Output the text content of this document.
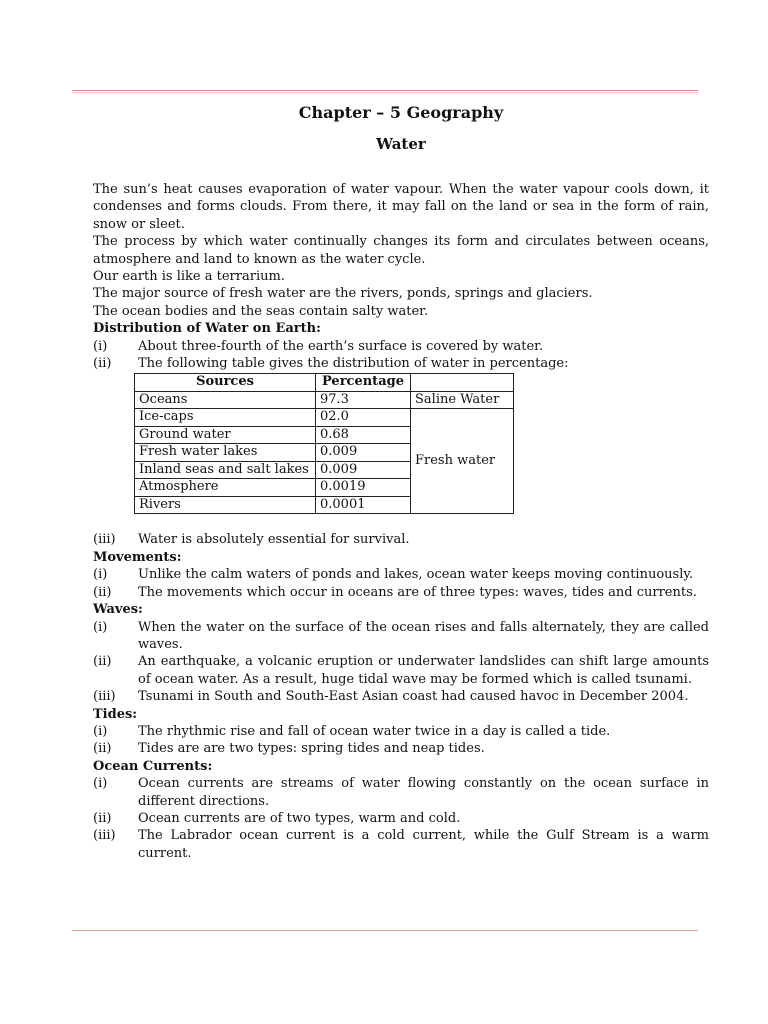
Chapter – 5 Geography
Water

The sun’s heat causes evaporation of water vapour. When the water vapour cools down, it condenses and forms clouds. From there, it may fall on the land or sea in the form of rain, snow or sleet.

The process by which water continually changes its form and circulates between oceans, atmosphere and land to known as the water cycle.

Our earth is like a terrarium.

The major source of fresh water are the rivers, ponds, springs and glaciers.

The ocean bodies and the seas contain salty water.

Distribution of Water on Earth:
(i)	About three-fourth of the earth’s surface is covered by water.
(ii)	The following table gives the distribution of water in percentage:
Sources	Percentage	
Oceans	97.3	Saline Water
Ice-caps	02.0	Fresh water
Ground water	0.68	
Fresh water lakes	0.009	
Inland seas and salt lakes	0.009	
Atmosphere	0.0019	
Rivers	0.0001	
(iii)	Water is absolutely essential for survival.
Movements:
(i)	Unlike the calm waters of ponds and lakes, ocean water keeps moving continuously.
(ii)	The movements which occur in oceans are of three types: waves, tides and currents.
Waves:
(i)	When the water on the surface of the ocean rises and falls alternately, they are called waves.
(ii)	An earthquake, a volcanic eruption or underwater landslides can shift large amounts of ocean water. As a result, huge tidal wave may be formed which is called tsunami.
(iii)	Tsunami in South and South-East Asian coast had caused havoc in December 2004.
Tides:
(i)	The rhythmic rise and fall of ocean water twice in a day is called a tide.
(ii)	Tides are are two types: spring tides and neap tides.
Ocean Currents:
(i)	Ocean currents are streams of water flowing constantly on the ocean surface in different directions.
(ii)	Ocean currents are of two types, warm and cold.
(iii)	The Labrador ocean current is a cold current, while the Gulf Stream is a warm current.
